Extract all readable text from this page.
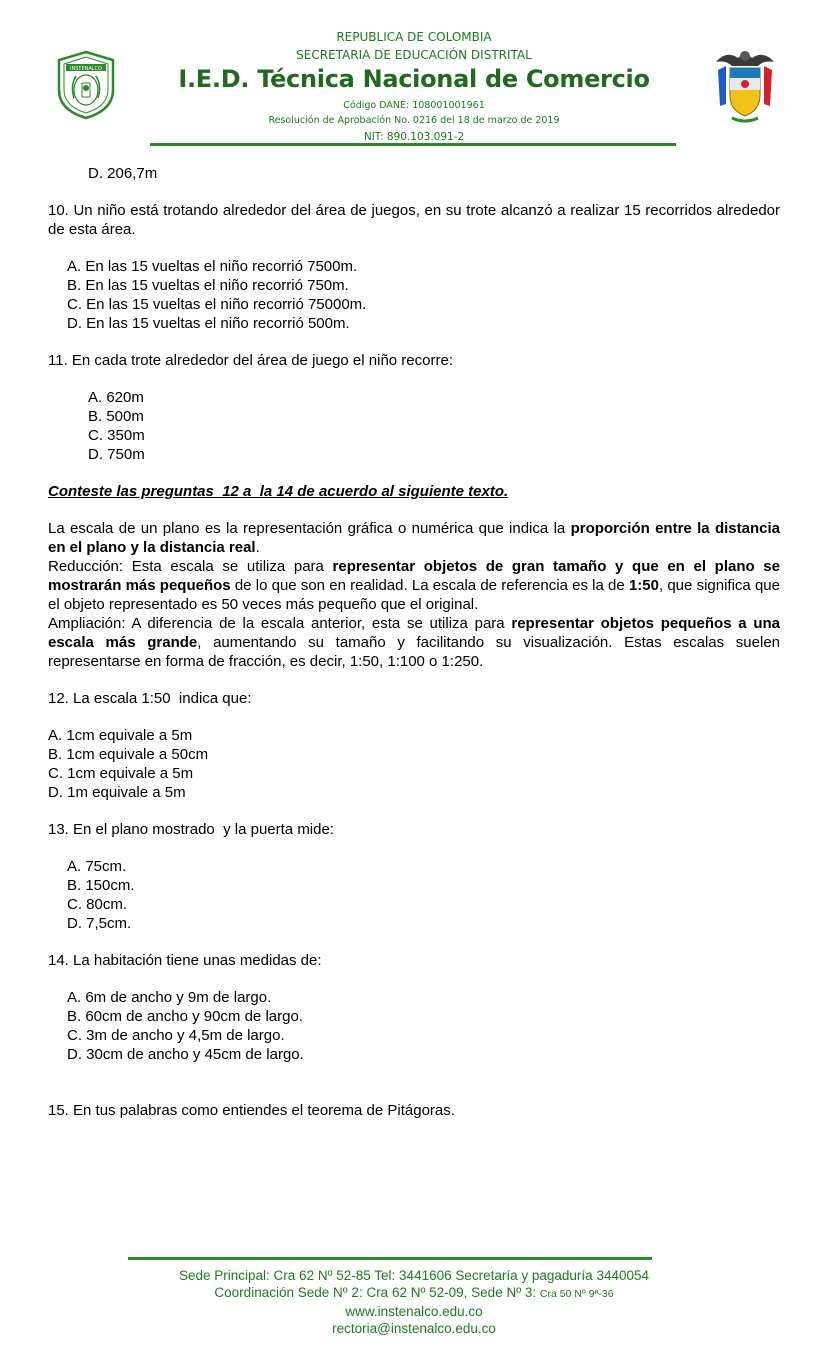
INSTENALCO
REPUBLICA DE COLOMBIA
SECRETARIA DE EDUCACIÓN DISTRITAL
I.E.D. Técnica Nacional de Comercio
Código DANE: 108001001961
Resolución de Aprobación No. 0216 del 18 de marzo de 2019
NIT: 890.103.091-2

D. 206,7m

10. Un niño está trotando alrededor del área de juegos, en su trote alcanzó a realizar 15 recorridos alrededor de esta área.

A. En las 15 vueltas el niño recorrió 7500m.

B. En las 15 vueltas el niño recorrió 750m.

C. En las 15 vueltas el niño recorrió 75000m.

D. En las 15 vueltas el niño recorrió 500m.

11. En cada trote alrededor del área de juego el niño recorre:

A. 620m

B. 500m

C. 350m

D. 750m

Conteste las preguntas  12 a  la 14 de acuerdo al siguiente texto.

La escala de un plano es la representación gráfica o numérica que indica la proporción entre la distancia en el plano y la distancia real.

Reducción: Esta escala se utiliza para representar objetos de gran tamaño y que en el plano se mostrarán más pequeños de lo que son en realidad. La escala de referencia es la de 1:50, que significa que el objeto representado es 50 veces más pequeño que el original.

Ampliación: A diferencia de la escala anterior, esta se utiliza para representar objetos pequeños a una escala más grande, aumentando su tamaño y facilitando su visualización. Estas escalas suelen representarse en forma de fracción, es decir, 1:50, 1:100 o 1:250.

12. La escala 1:50  indica que:

A. 1cm equivale a 5m

B. 1cm equivale a 50cm

C. 1cm equivale a 5m

D. 1m equivale a 5m

13. En el plano mostrado  y la puerta mide:

A. 75cm.

B. 150cm.

C. 80cm.

D. 7,5cm.

14. La habitación tiene unas medidas de:

A. 6m de ancho y 9m de largo.

B. 60cm de ancho y 90cm de largo.

C. 3m de ancho y 4,5m de largo.

D. 30cm de ancho y 45cm de largo.

15. En tus palabras como entiendes el teorema de Pitágoras.

Sede Principal: Cra 62 Nº 52-85 Tel: 3441606 Secretaría y pagaduría 3440054
Coordinación Sede Nº 2: Cra 62 Nº 52-09, Sede Nº 3: Cra 50 Nº 9ª-36
www.instenalco.edu.co
rectoria@instenalco.edu.co
